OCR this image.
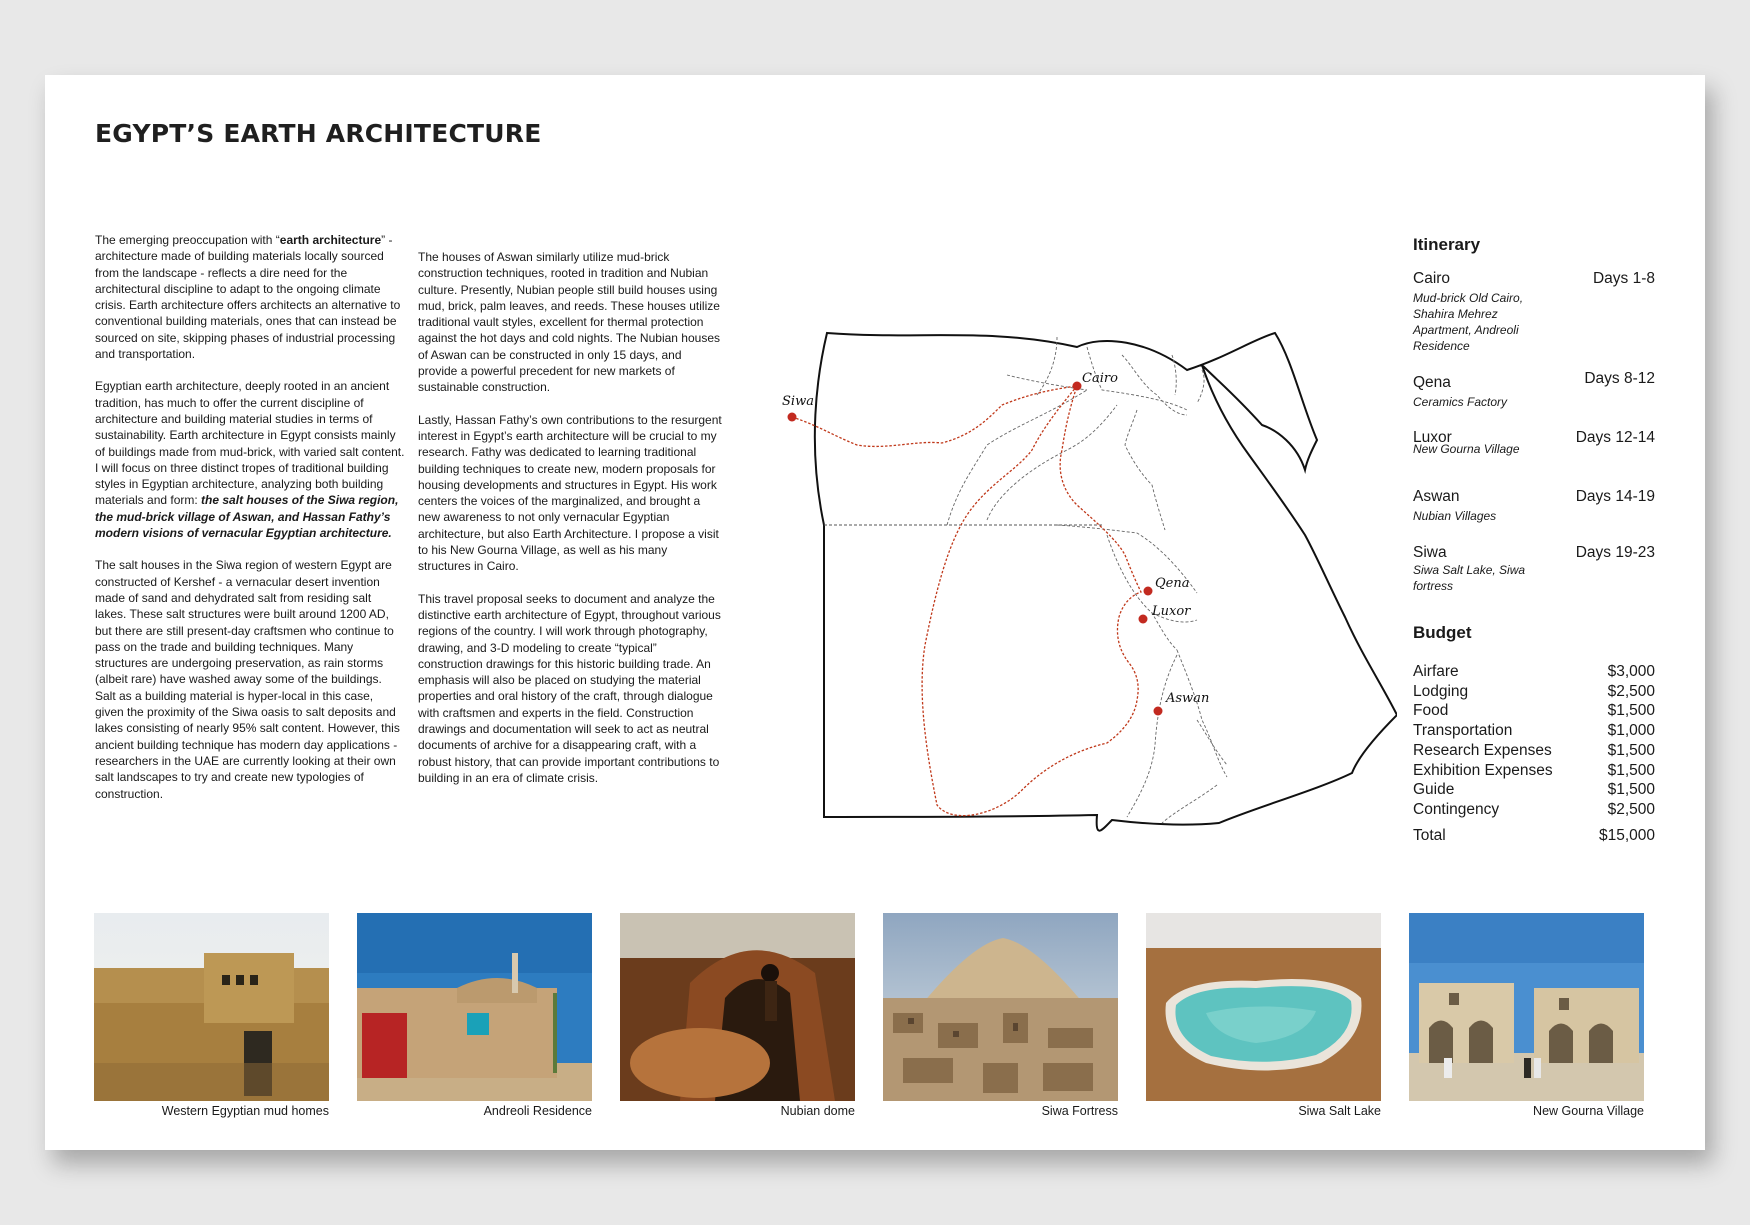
EGYPT’S EARTH ARCHITECTURE

The emerging preoccupation with “earth architecture” - architecture made of building materials locally sourced from the landscape - reflects a dire need for the architectural discipline to adapt to the ongoing climate crisis. Earth architecture offers architects an alternative to conventional building materials, ones that can instead be sourced on site, skipping phases of industrial processing and transportation.

Egyptian earth architecture, deeply rooted in an ancient tradition, has much to offer the current discipline of architecture and building material studies in terms of sustainability. Earth architecture in Egypt consists mainly of buildings made from mud-brick, with varied salt content. I will focus on three distinct tropes of traditional building styles in Egyptian architecture, analyzing both building materials and form: the salt houses of the Siwa region, the mud-brick village of Aswan, and Hassan Fathy’s modern visions of vernacular Egyptian architecture.

The salt houses in the Siwa region of western Egypt are constructed of Kershef - a vernacular desert invention made of sand and dehydrated salt from residing salt lakes. These salt structures were built around 1200 AD, but there are still present-day craftsmen who continue to pass on the trade and building techniques. Many structures are undergoing preservation, as rain storms (albeit rare) have washed away some of the buildings. Salt as a building material is hyper-local in this case, given the proximity of the Siwa oasis to salt deposits and lakes consisting of nearly 95% salt content. However, this ancient building technique has modern day applications - researchers in the UAE are currently looking at their own salt landscapes to try and create new typologies of construction.

The houses of Aswan similarly utilize mud-brick construction techniques, rooted in tradition and Nubian culture. Presently, Nubian people still build houses using mud, brick, palm leaves, and reeds. These houses utilize traditional vault styles, excellent for thermal protection against the hot days and cold nights. The Nubian houses of Aswan can be constructed in only 15 days, and provide a powerful precedent for new markets of sustainable construction.

Lastly, Hassan Fathy’s own contributions to the resurgent interest in Egypt’s earth architecture will be crucial to my research. Fathy was dedicated to learning traditional building techniques to create new, modern proposals for housing developments and structures in Egypt. His work centers the voices of the marginalized, and brought a new awareness to not only vernacular Egyptian architecture, but also Earth Architecture. I propose a visit to his New Gourna Village, as well as his many structures in Cairo.

This travel proposal seeks to document and analyze the distinctive earth architecture of Egypt, throughout various regions of the country. I will work through photography, drawing, and 3-D modeling to create “typical” construction drawings for this historic building trade. An emphasis will also be placed on studying the material properties and oral history of the craft, through dialogue with craftsmen and experts in the field. Construction drawings and documentation will seek to act as neutral documents of archive for a disappearing craft, with a robust history, that can provide important contributions to building in an era of climate crisis.

Siwa
Cairo
Qena
Luxor
Aswan
Itinerary
Cairo	Days 1-8
Mud-brick Old Cairo, Shahira Mehrez Apartment, Andreoli Residence
Qena	Days 8-12
Ceramics Factory
Luxor	Days 12-14
New Gourna Village
Aswan	Days 14-19
Nubian Villages
Siwa	Days 19-23
Siwa Salt Lake, Siwa fortress
Budget
Airfare	$3,000
Lodging	$2,500
Food	$1,500
Transportation	$1,000
Research Expenses	$1,500
Exhibition Expenses	$1,500
Guide	$1,500
Contingency	$2,500
Total	$15,000
Western Egyptian mud homes	Andreoli Residence	Nubian dome	Siwa Fortress	Siwa Salt Lake	New Gourna Village
